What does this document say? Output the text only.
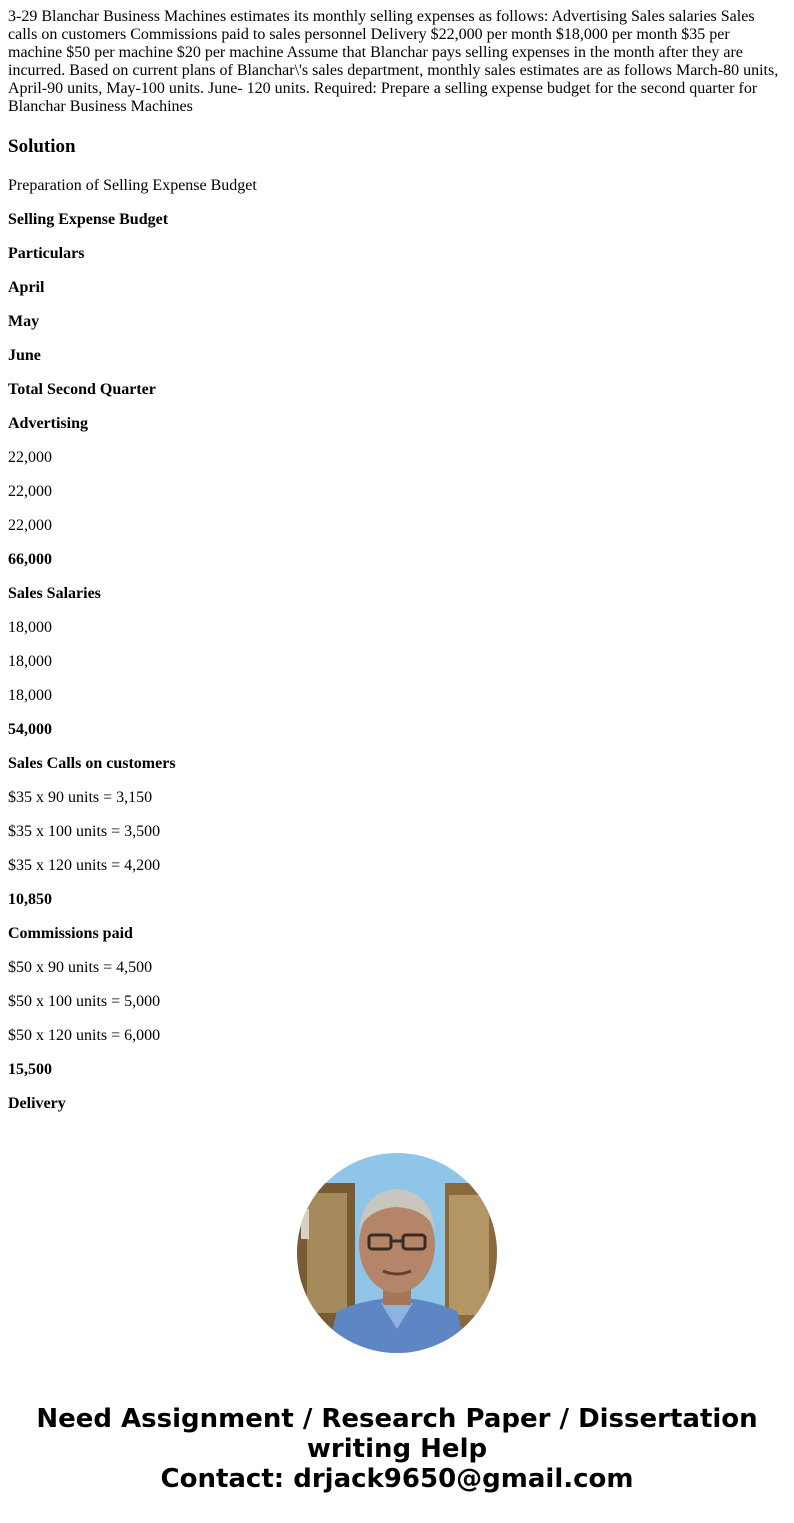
3-29 Blanchar Business Machines estimates its monthly selling expenses as follows: Advertising Sales salaries Sales calls on customers Commissions paid to sales personnel Delivery $22,000 per month $18,000 per month $35 per machine $50 per machine $20 per machine Assume that Blanchar pays selling expenses in the month after they are incurred. Based on current plans of Blanchar\'s sales department, monthly sales estimates are as follows March-80 units, April-90 units, May-100 units. June- 120 units. Required: Prepare a selling expense budget for the second quarter for Blanchar Business Machines

Solution

Preparation of Selling Expense Budget

Selling Expense Budget

Particulars

April

May

June

Total Second Quarter

Advertising

22,000

22,000

22,000

66,000

Sales Salaries

18,000

18,000

18,000

54,000

Sales Calls on customers

$35 x 90 units = 3,150

$35 x 100 units = 3,500

$35 x 120 units = 4,200

10,850

Commissions paid

$50 x 90 units = 4,500

$50 x 100 units = 5,000

$50 x 120 units = 6,000

15,500

Delivery

Need Assignment / Research Paper / Dissertation
writing Help
Contact: drjack9650@gmail.com
